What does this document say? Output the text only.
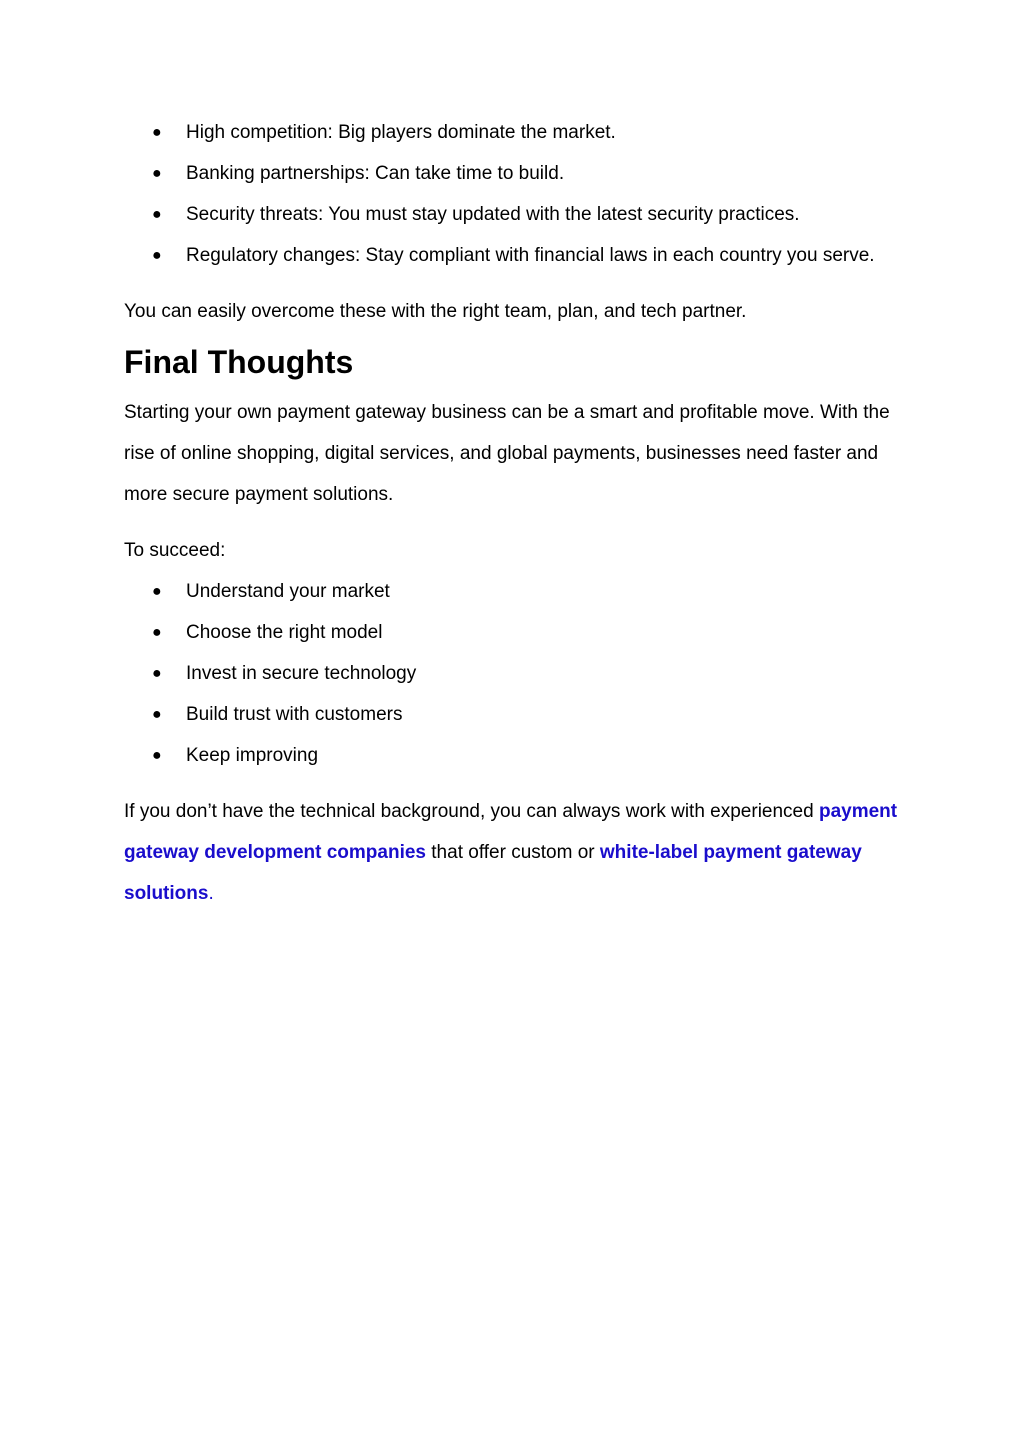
● High competition: Big players dominate the market.
● Banking partnerships: Can take time to build.
● Security threats: You must stay updated with the latest security practices.
● Regulatory changes: Stay compliant with financial laws in each country you serve.

You can easily overcome these with the right team, plan, and tech partner.

Final Thoughts

Starting your own payment gateway business can be a smart and profitable move. With the rise of online shopping, digital services, and global payments, businesses need faster and more secure payment solutions.

To succeed:

● Understand your market
● Choose the right model
● Invest in secure technology
● Build trust with customers
● Keep improving

If you don’t have the technical background, you can always work with experienced payment gateway development companies that offer custom or white-label payment gateway solutions.
